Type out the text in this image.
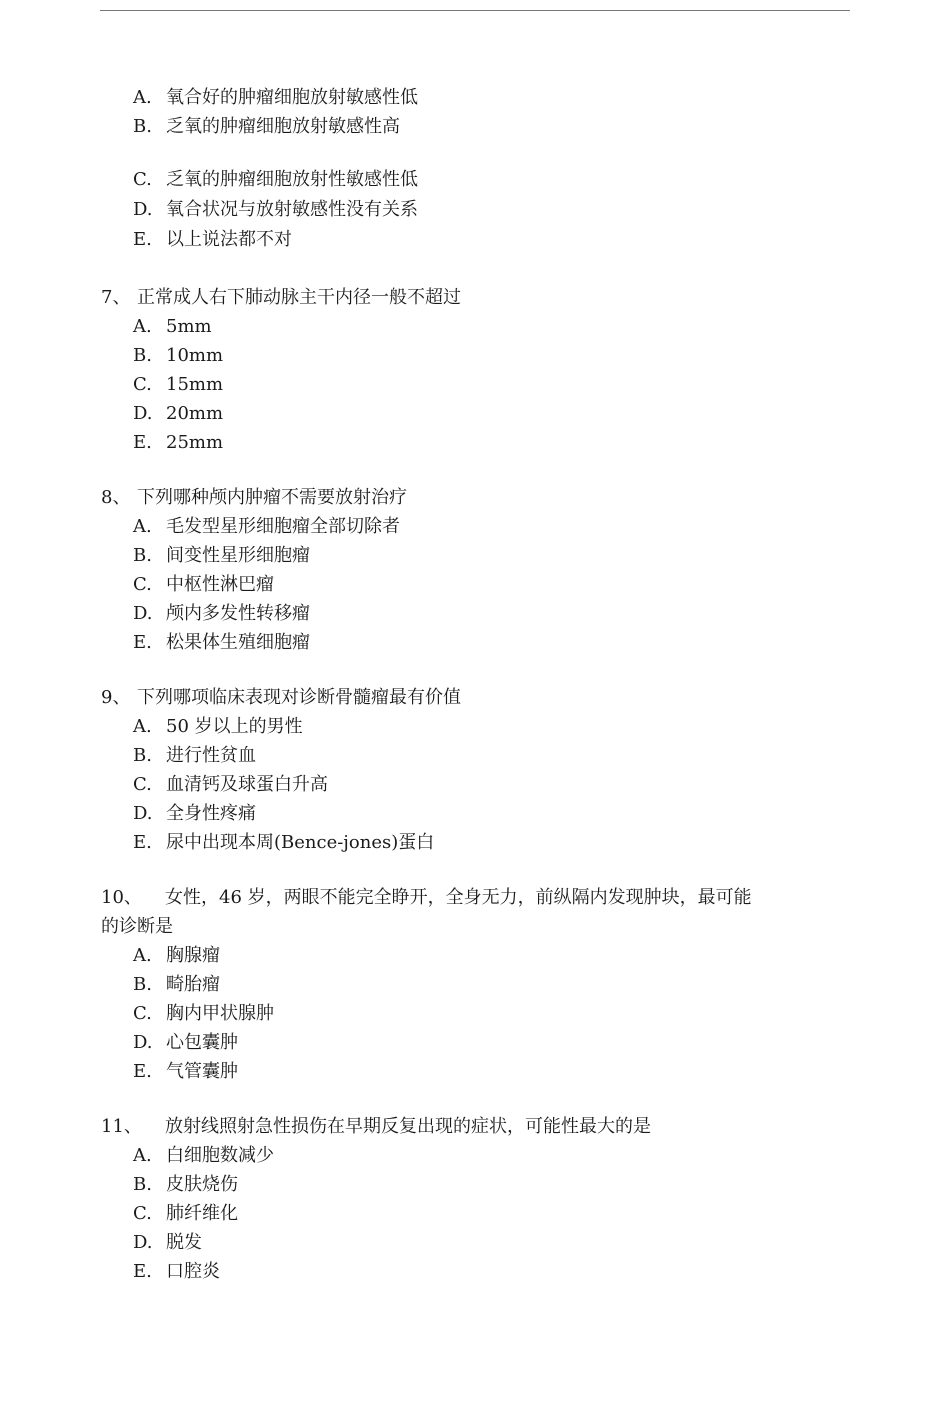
A. 氧合好的肿瘤细胞放射敏感性低
B. 乏氧的肿瘤细胞放射敏感性高
C. 乏氧的肿瘤细胞放射性敏感性低
D. 氧合状况与放射敏感性没有关系
E. 以上说法都不对
7、 正常成人右下肺动脉主干内径一般不超过
A. 5mm
B. 10mm
C. 15mm
D. 20mm
E. 25mm
8、 下列哪种颅内肿瘤不需要放射治疗
A. 毛发型星形细胞瘤全部切除者
B. 间变性星形细胞瘤
C. 中枢性淋巴瘤
D. 颅内多发性转移瘤
E. 松果体生殖细胞瘤
9、 下列哪项临床表现对诊断骨髓瘤最有价值
A. 50 岁以上的男性
B. 进行性贫血
C. 血清钙及球蛋白升高
D. 全身性疼痛
E. 尿中出现本周(Bence-jones)蛋白
10、 女性，46 岁，两眼不能完全睁开，全身无力，前纵隔内发现肿块，最可能
的诊断是
A. 胸腺瘤
B. 畸胎瘤
C. 胸内甲状腺肿
D. 心包囊肿
E. 气管囊肿
11、 放射线照射急性损伤在早期反复出现的症状，可能性最大的是
A. 白细胞数减少
B. 皮肤烧伤
C. 肺纤维化
D. 脱发
E. 口腔炎
